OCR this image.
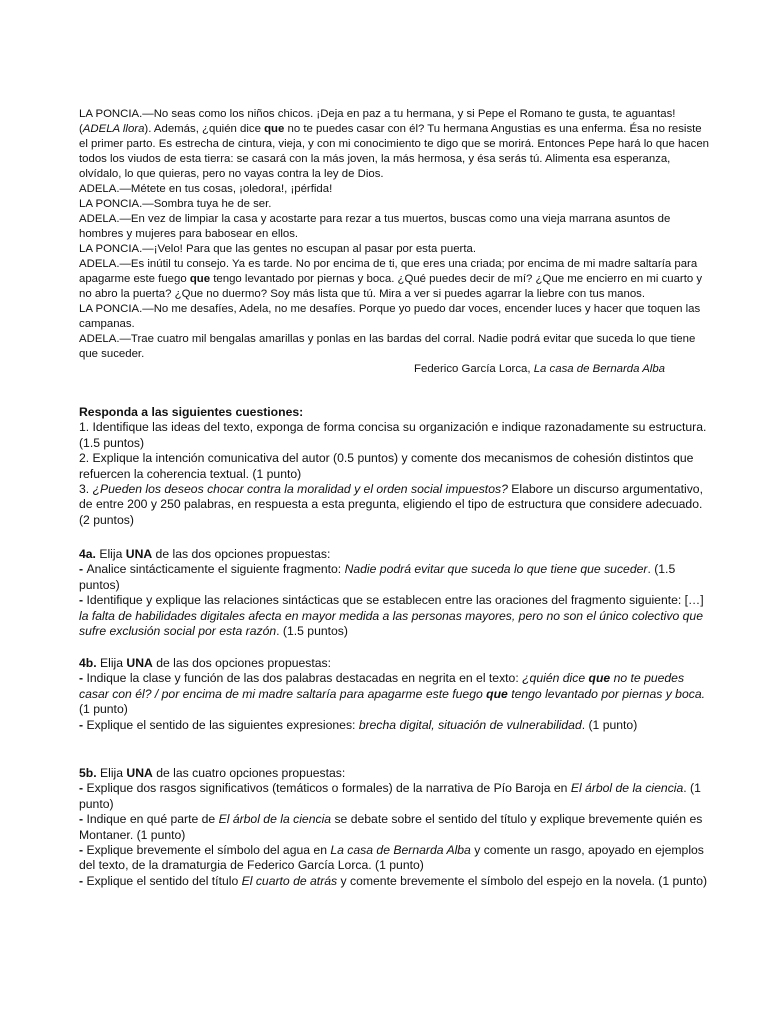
LA PONCIA.—No seas como los niños chicos. ¡Deja en paz a tu hermana, y si Pepe el Romano te gusta, te aguantas!

(ADELA llora). Además, ¿quién dice que no te puedes casar con él? Tu hermana Angustias es una enferma. Ésa no resiste el primer parto. Es estrecha de cintura, vieja, y con mi conocimiento te digo que se morirá. Entonces Pepe hará lo que hacen todos los viudos de esta tierra: se casará con la más joven, la más hermosa, y ésa serás tú. Alimenta esa esperanza, olvídalo, lo que quieras, pero no vayas contra la ley de Dios.

ADELA.—Métete en tus cosas, ¡oledora!, ¡pérfida!

LA PONCIA.—Sombra tuya he de ser.

ADELA.—En vez de limpiar la casa y acostarte para rezar a tus muertos, buscas como una vieja marrana asuntos de hombres y mujeres para babosear en ellos.

LA PONCIA.—¡Velo! Para que las gentes no escupan al pasar por esta puerta.

ADELA.—Es inútil tu consejo. Ya es tarde. No por encima de ti, que eres una criada; por encima de mi madre saltaría para apagarme este fuego que tengo levantado por piernas y boca. ¿Qué puedes decir de mí? ¿Que me encierro en mi cuarto y no abro la puerta? ¿Que no duermo? Soy más lista que tú. Mira a ver si puedes agarrar la liebre con tus manos.

LA PONCIA.—No me desafíes, Adela, no me desafíes. Porque yo puedo dar voces, encender luces y hacer que toquen las campanas.

ADELA.—Trae cuatro mil bengalas amarillas y ponlas en las bardas del corral. Nadie podrá evitar que suceda lo que tiene que suceder.

Federico García Lorca, La casa de Bernarda Alba

Responda a las siguientes cuestiones:

1. Identifique las ideas del texto, exponga de forma concisa su organización e indique razonadamente su estructura. (1.5 puntos)

2. Explique la intención comunicativa del autor (0.5 puntos) y comente dos mecanismos de cohesión distintos que refuercen la coherencia textual. (1 punto)

3. ¿Pueden los deseos chocar contra la moralidad y el orden social impuestos? Elabore un discurso argumentativo, de entre 200 y 250 palabras, en respuesta a esta pregunta, eligiendo el tipo de estructura que considere adecuado. (2 puntos)

4a. Elija UNA de las dos opciones propuestas:

- Analice sintácticamente el siguiente fragmento: Nadie podrá evitar que suceda lo que tiene que suceder. (1.5 puntos)

- Identifique y explique las relaciones sintácticas que se establecen entre las oraciones del fragmento siguiente: […] la falta de habilidades digitales afecta en mayor medida a las personas mayores, pero no son el único colectivo que sufre exclusión social por esta razón. (1.5 puntos)

4b. Elija UNA de las dos opciones propuestas:

- Indique la clase y función de las dos palabras destacadas en negrita en el texto: ¿quién dice que no te puedes casar con él? / por encima de mi madre saltaría para apagarme este fuego que tengo levantado por piernas y boca. (1 punto)

- Explique el sentido de las siguientes expresiones: brecha digital, situación de vulnerabilidad. (1 punto)

5b. Elija UNA de las cuatro opciones propuestas:

- Explique dos rasgos significativos (temáticos o formales) de la narrativa de Pío Baroja en El árbol de la ciencia. (1 punto)

- Indique en qué parte de El árbol de la ciencia se debate sobre el sentido del título y explique brevemente quién es Montaner. (1 punto)

- Explique brevemente el símbolo del agua en La casa de Bernarda Alba y comente un rasgo, apoyado en ejemplos del texto, de la dramaturgia de Federico García Lorca. (1 punto)

- Explique el sentido del título El cuarto de atrás y comente brevemente el símbolo del espejo en la novela. (1 punto)
